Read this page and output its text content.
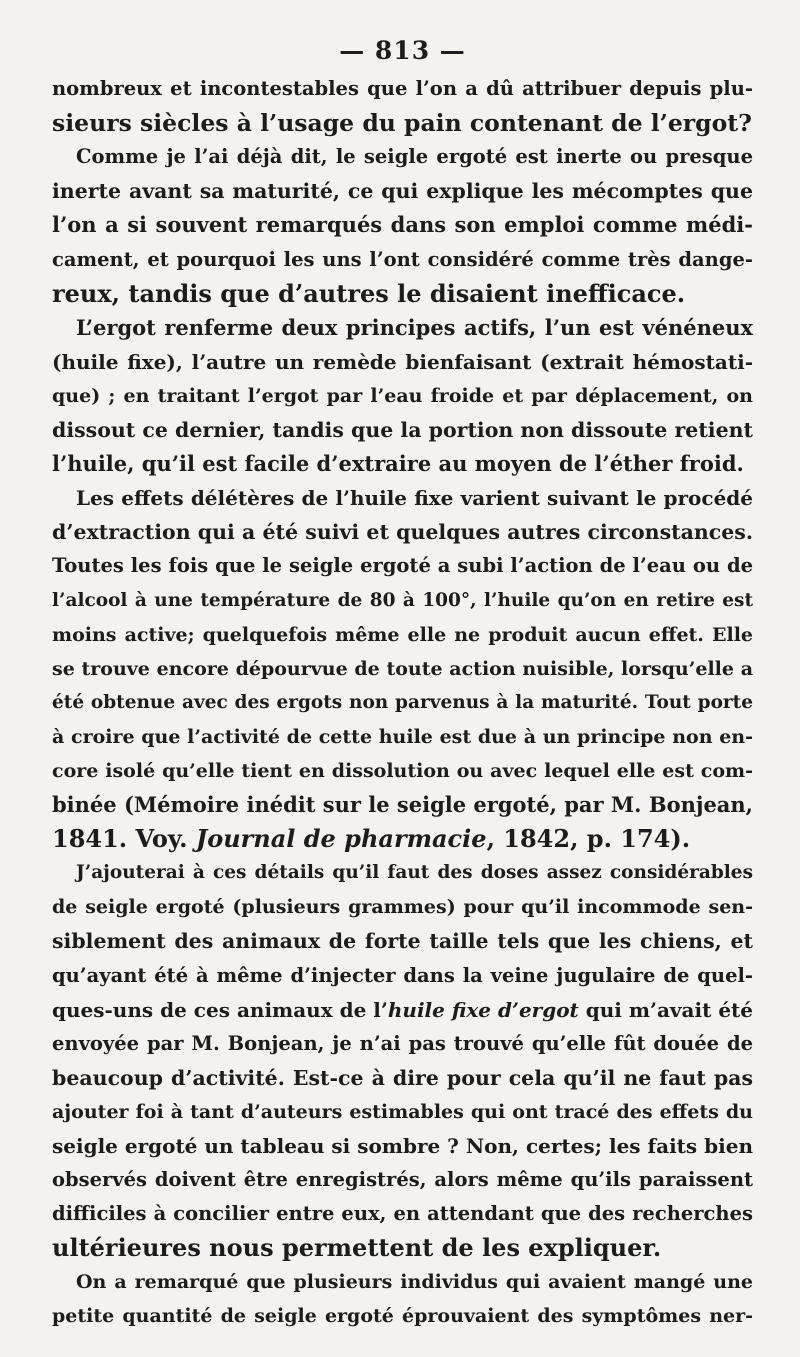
— 813 —
nombreux et incontestables que l’on a dû attribuer depuis plu-
sieurs siècles à l’usage du pain contenant de l’ergot?
Comme je l’ai déjà dit, le seigle ergoté est inerte ou presque
inerte avant sa maturité, ce qui explique les mécomptes que
l’on a si souvent remarqués dans son emploi comme médi-
cament, et pourquoi les uns l’ont considéré comme très dange-
reux, tandis que d’autres le disaient inefficace.
L’ergot renferme deux principes actifs, l’un est vénéneux
(huile fixe), l’autre un remède bienfaisant (extrait hémostati-
que) ; en traitant l’ergot par l’eau froide et par déplacement, on
dissout ce dernier, tandis que la portion non dissoute retient
l’huile, qu’il est facile d’extraire au moyen de l’éther froid.
Les effets délétères de l’huile fixe varient suivant le procédé
d’extraction qui a été suivi et quelques autres circonstances.
Toutes les fois que le seigle ergoté a subi l’action de l’eau ou de
l’alcool à une température de 80 à 100°, l’huile qu’on en retire est
moins active; quelquefois même elle ne produit aucun effet. Elle
se trouve encore dépourvue de toute action nuisible, lorsqu’elle a
été obtenue avec des ergots non parvenus à la maturité. Tout porte
à croire que l’activité de cette huile est due à un principe non en-
core isolé qu’elle tient en dissolution ou avec lequel elle est com-
binée (Mémoire inédit sur le seigle ergoté, par M. Bonjean,
1841. Voy. Journal de pharmacie, 1842, p. 174).
J’ajouterai à ces détails qu’il faut des doses assez considérables
de seigle ergoté (plusieurs grammes) pour qu’il incommode sen-
siblement des animaux de forte taille tels que les chiens, et
qu’ayant été à même d’injecter dans la veine jugulaire de quel-
ques-uns de ces animaux de l’huile fixe d’ergot qui m’avait été
envoyée par M. Bonjean, je n’ai pas trouvé qu’elle fût douée de
beaucoup d’activité. Est-ce à dire pour cela qu’il ne faut pas
ajouter foi à tant d’auteurs estimables qui ont tracé des effets du
seigle ergoté un tableau si sombre ? Non, certes; les faits bien
observés doivent être enregistrés, alors même qu’ils paraissent
difficiles à concilier entre eux, en attendant que des recherches
ultérieures nous permettent de les expliquer.
On a remarqué que plusieurs individus qui avaient mangé une
petite quantité de seigle ergoté éprouvaient des symptômes ner-
